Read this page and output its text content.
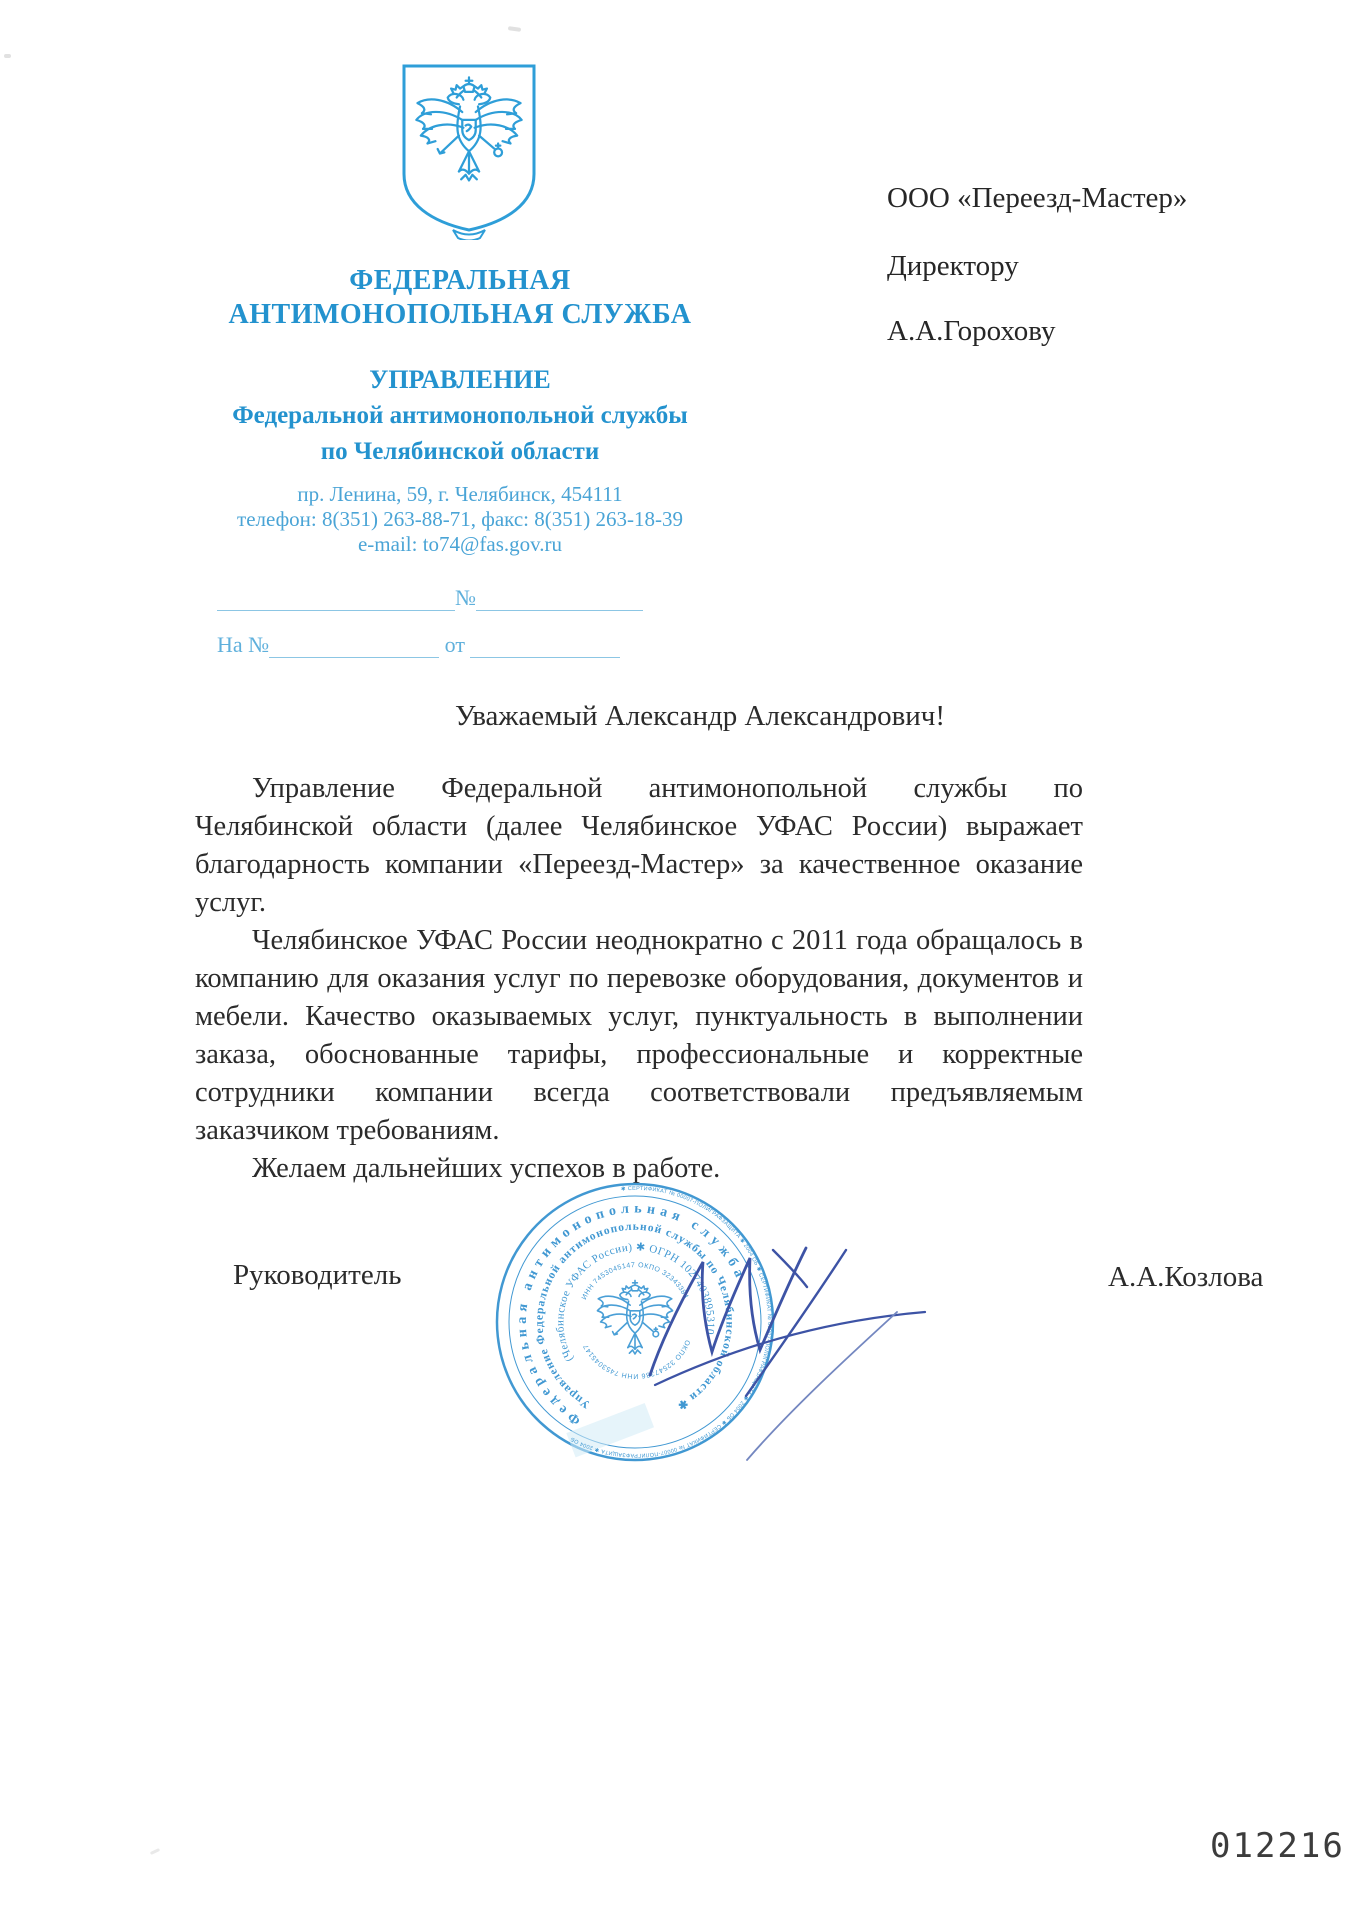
ФЕДЕРАЛЬНАЯ
АНТИМОНОПОЛЬНАЯ СЛУЖБА
УПРАВЛЕНИЕ
Федеральной антимонопольной службы
по Челябинской области
пр. Ленина, 59, г. Челябинск, 454111
телефон: 8(351) 263-88-71, факс: 8(351) 263-18-39
e-mail: to74@fas.gov.ru
№
На №	от
ООО «Переезд-Мастер»
Директору
А.А.Горохову
Уважаемый Александр Александрович!

Управление Федеральной антимонопольной службы по Челябинской области (далее Челябинское УФАС России) выражает благодарность компании «Переезд-Мастер» за качественное оказание услуг.

Челябинское УФАС России неоднократно с 2011 года обращалось в компанию для оказания услуг по перевозке оборудования, документов и мебели. Качество оказываемых услуг, пунктуальность в выполнении заказа, обоснованные тарифы, профессиональные и корректные сотрудники компании всегда соответствовали предъявляемым заказчиком требованиям.

Желаем дальнейших успехов в работе.

Руководитель	А.А.Козлова
✱ СЕРТИФИКАТ № 00007-ПОЛИГРАФЗАЩИТА ✱ 2004 ОБ ✱ СЕРТИФИКАТ № 00007-ПОЛИГРАФЗАЩИТА ✱ 2004 ОБ ✱ СЕРТИФИКАТ № 00007-ПОЛИГРАФЗАЩИТА ✱ 2004 ОБ
Федеральная антимонопольная служба
Управление Федеральной антимонопольной службы по Челябинской области ✱
(Челябинское УФАС России) ✱ ОГРН 1027403895310
ИНН 7453045147 ОКПО 32343384
ОКПО 32547386 ИНН 7453045147
012216
